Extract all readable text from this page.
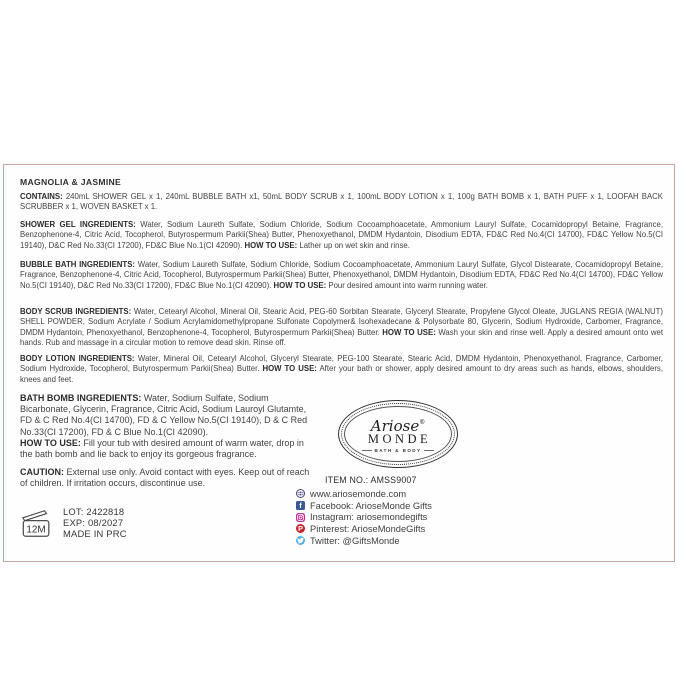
MAGNOLIA & JASMINE
CONTAINS: 240mL SHOWER GEL x 1, 240mL BUBBLE BATH x1, 50mL BODY SCRUB x 1, 100mL BODY LOTION x 1, 100g BATH BOMB x 1, BATH PUFF x 1, LOOFAH BACK SCRUBBER x 1, WOVEN BASKET x 1.
SHOWER GEL INGREDIENTS: Water, Sodium Laureth Sulfate, Sodium Chloride, Sodium Cocoamphoacetate, Ammonium Lauryl Sulfate, Cocamidopropyl Betaine, Fragrance, Benzophenone-4, Citric Acid, Tocopherol, Butyrospermum Parkii(Shea) Butter, Phenoxyethanol, DMDM Hydantoin, Disodium EDTA, FD&C Red No.4(CI 14700), FD&C Yellow No.5(CI 19140), D&C Red No.33(CI 17200), FD&C Blue No.1(CI 42090). HOW TO USE: Lather up on wet skin and rinse.
BUBBLE BATH INGREDIENTS: Water, Sodium Laureth Sulfate, Sodium Chloride, Sodium Cocoamphoacetate, Ammonium Lauryl Sulfate, Glycol Distearate, Cocamidopropyl Betaine, Fragrance, Benzophenone-4, Citric Acid, Tocopherol, Butyrospermum Parkii(Shea) Butter, Phenoxyethanol, DMDM Hydantoin, Disodium EDTA, FD&C Red No.4(CI 14700), FD&C Yellow No.5(CI 19140), D&C Red No.33(CI 17200), FD&C Blue No.1(CI 42090). HOW TO USE: Pour desired amount into warm running water.
BODY SCRUB INGREDIENTS: Water, Cetearyl Alcohol, Mineral Oil, Stearic Acid, PEG-60 Sorbitan Stearate, Glyceryl Stearate, Propylene Glycol Oleate, JUGLANS REGIA (WALNUT) SHELL POWDER, Sodium Acrylate / Sodium Acrylamidomethylpropane Sulfonate Copolymer& Isohexadecane & Polysorbate 80, Glycerin, Sodium Hydroxide, Carbomer, Fragrance, DMDM Hydantoin, Phenoxyethanol, Benzophenone-4, Tocopherol, Butyrospermum Parkii(Shea) Butter. HOW TO USE: Wash your skin and rinse well. Apply a desired amount onto wet hands. Rub and massage in a circular motion to remove dead skin. Rinse off.
BODY LOTION INGREDIENTS: Water, Mineral Oil, Cetearyl Alcohol, Glyceryl Stearate, PEG-100 Stearate, Stearic Acid, DMDM Hydantoin, Phenoxyethanol, Fragrance, Carbomer, Sodium Hydroxide, Tocopherol, Butyrospermum Parkii(Shea) Butter. HOW TO USE: After your bath or shower, apply desired amount to dry areas such as hands, elbows, shoulders, knees and feet.
BATH BOMB INGREDIENTS: Water, Sodium Sulfate, Sodium Bicarbonate, Glycerin, Fragrance, Citric Acid, Sodium Lauroyl Glutamte, FD & C Red No.4(CI 14700), FD & C Yellow No.5(CI 19140), D & C Red No.33(CI 17200), FD & C Blue No.1(CI 42090).
HOW TO USE: Fill your tub with desired amount of warm water, drop in the bath bomb and lie back to enjoy its gorgeous fragrance.
CAUTION: External use only. Avoid contact with eyes. Keep out of reach of children. If irritation occurs, discontinue use.
12M
LOT: 2422818
EXP: 08/2027
MADE IN PRC
Ariose®
MONDE
BATH & BODY
ITEM NO.: AMSS9007
www.ariosemonde.com
f Facebook: ArioseMonde Gifts
Instagram: ariosemondegifts
P Pinterest: ArioseMondeGifts
Twitter: @GiftsMonde
